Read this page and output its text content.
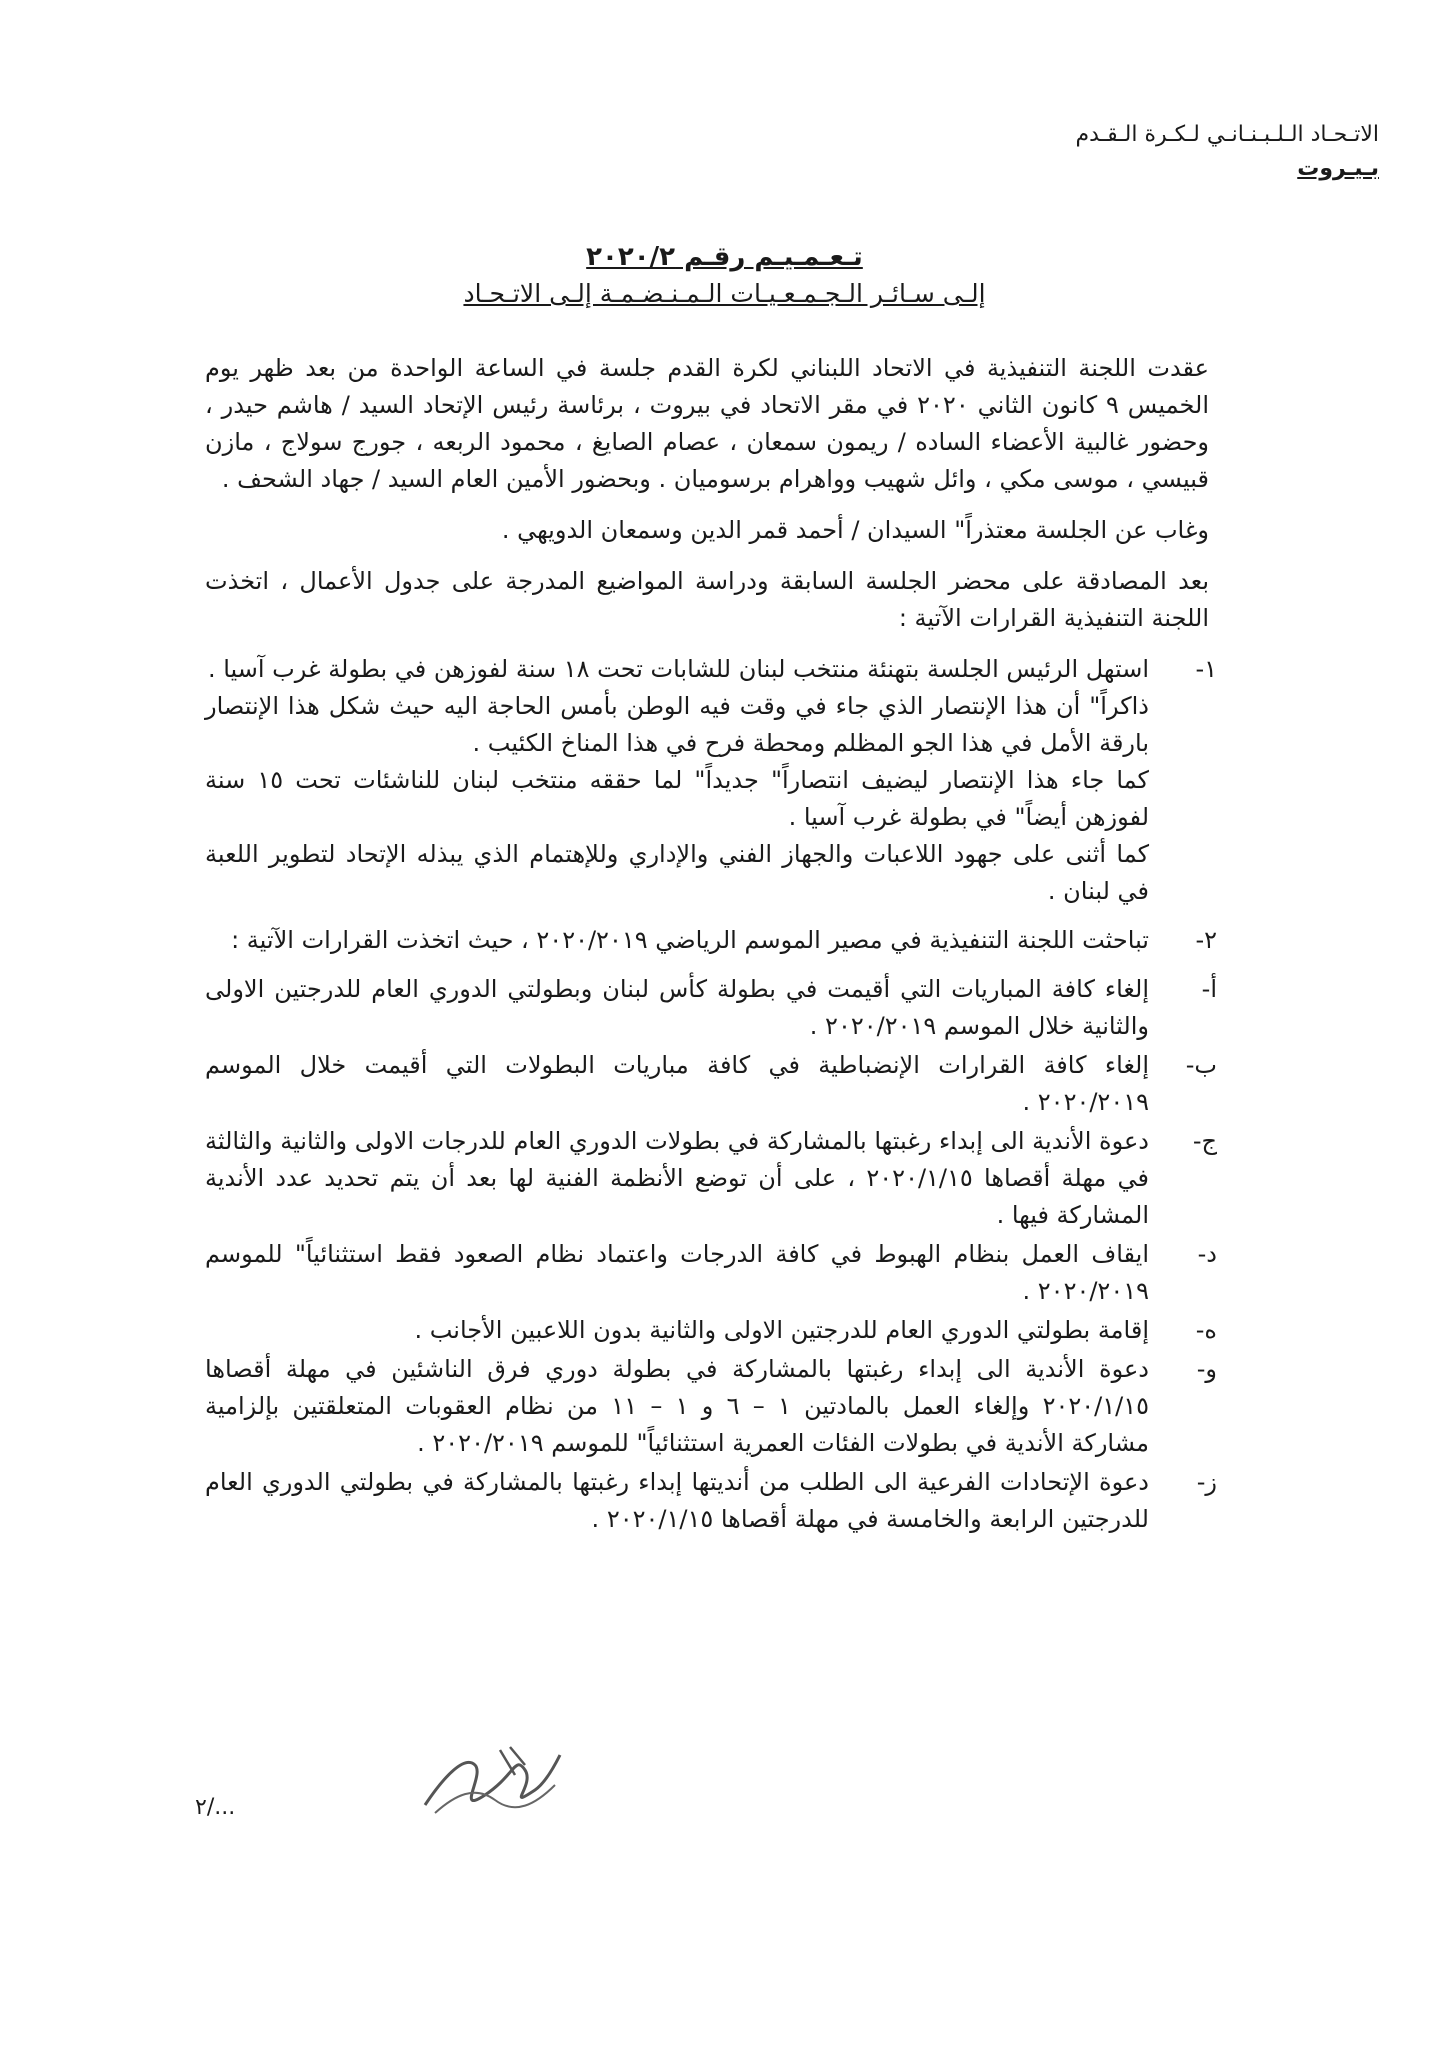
الاتـحـاد الـلـبـنـانـي لـكـرة الـقـدم
بـيـروت
تـعـمـيـم رقـم ٢٠٢٠/٢
إلـى سـائـر الـجـمـعـيـات الـمـنـضـمـة إلـى الاتـحـاد

عقدت اللجنة التنفيذية في الاتحاد اللبناني لكرة القدم جلسة في الساعة الواحدة من بعد ظهر يوم الخميس ٩ كانون الثاني ٢٠٢٠ في مقر الاتحاد في بيروت ، برئاسة رئيس الإتحاد السيد / هاشم حيدر ، وحضور غالبية الأعضاء الساده / ريمون سمعان ، عصام الصايغ ، محمود الربعه ، جورج سولاج ، مازن قبيسي ، موسى مكي ، وائل شهيب وواهرام برسوميان . وبحضور الأمين العام السيد / جهاد الشحف .

وغاب عن الجلسة معتذراً" السيدان / أحمد قمر الدين وسمعان الدويهي .

بعد المصادقة على محضر الجلسة السابقة ودراسة المواضيع المدرجة على جدول الأعمال ، اتخذت اللجنة التنفيذية القرارات الآتية :

١-

استهل الرئيس الجلسة بتهنئة منتخب لبنان للشابات تحت ١٨ سنة لفوزهن في بطولة غرب آسيا .

ذاكراً" أن هذا الإنتصار الذي جاء في وقت فيه الوطن بأمس الحاجة اليه حيث شكل هذا الإنتصار بارقة الأمل في هذا الجو المظلم ومحطة فرح في هذا المناخ الكئيب .

كما جاء هذا الإنتصار ليضيف انتصاراً" جديداً" لما حققه منتخب لبنان للناشئات تحت ١٥ سنة لفوزهن أيضاً" في بطولة غرب آسيا .

كما أثنى على جهود اللاعبات والجهاز الفني والإداري وللإهتمام الذي يبذله الإتحاد لتطوير اللعبة في لبنان .

٢-

تباحثت اللجنة التنفيذية في مصير الموسم الرياضي ٢٠٢٠/٢٠١٩ ، حيث اتخذت القرارات الآتية :

أ-
إلغاء كافة المباريات التي أقيمت في بطولة كأس لبنان وبطولتي الدوري العام للدرجتين الاولى والثانية خلال الموسم ٢٠٢٠/٢٠١٩ .
ب-
إلغاء كافة القرارات الإنضباطية في كافة مباريات البطولات التي أقيمت خلال الموسم ٢٠٢٠/٢٠١٩ .
ج-
دعوة الأندية الى إبداء رغبتها بالمشاركة في بطولات الدوري العام للدرجات الاولى والثانية والثالثة في مهلة أقصاها ٢٠٢٠/١/١٥ ، على أن توضع الأنظمة الفنية لها بعد أن يتم تحديد عدد الأندية المشاركة فيها .
د-
ايقاف العمل بنظام الهبوط في كافة الدرجات واعتماد نظام الصعود فقط استثنائياً" للموسم ٢٠٢٠/٢٠١٩ .
ه-
إقامة بطولتي الدوري العام للدرجتين الاولى والثانية بدون اللاعبين الأجانب .
و-
دعوة الأندية الى إبداء رغبتها بالمشاركة في بطولة دوري فرق الناشئين في مهلة أقصاها ٢٠٢٠/١/١٥ وإلغاء العمل بالمادتين ١ – ٦ و ١ – ١١ من نظام العقوبات المتعلقتين بإلزامية مشاركة الأندية في بطولات الفئات العمرية استثنائياً" للموسم ٢٠٢٠/٢٠١٩ .
ز-
دعوة الإتحادات الفرعية الى الطلب من أنديتها إبداء رغبتها بالمشاركة في بطولتي الدوري العام للدرجتين الرابعة والخامسة في مهلة أقصاها ٢٠٢٠/١/١٥ .
٢/...
